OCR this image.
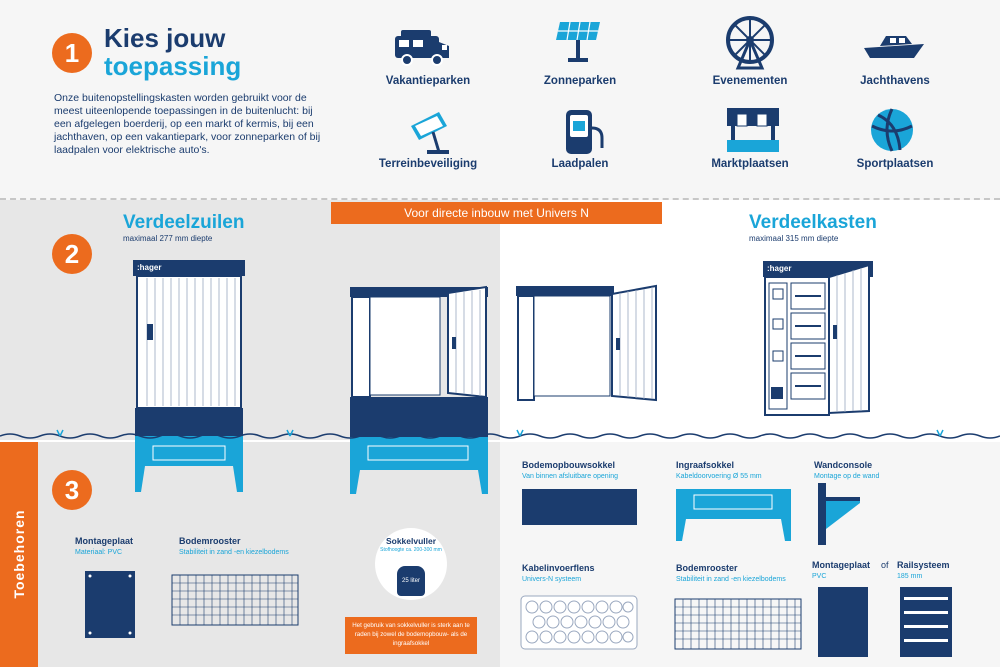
1 Kies jouw
toepassing
Onze buitenopstellingskasten worden gebruikt voor de meest uiteenlopende toepassingen in de buitenlucht: bij een afgelegen boerderij, op een markt of kermis, bij een jachthaven, op een vakantiepark, voor zonneparken of bij laadpalen voor elektrische auto's.
Vakantieparken	Zonneparken	Evenementen	Jachthavens
Terreinbeveiliging	Laadpalen	Marktplaatsen	Sportplaatsen
Voor directe inbouw met Univers N
2
Verdeelzuilen
maximaal 277 mm diepte
Verdeelkasten
maximaal 315 mm diepte
:hager	:hager
Toebehoren
3
Montageplaat
Materiaal: PVC
Bodemrooster
Stabiliteit in zand -en kiezelbodems
Sokkelvuller
Stofhoogte ca. 200-300 mm
25 liter
Het gebruik van sokkelvuller is sterk aan te raden bij zowel de bodemopbouw- als de ingraafsokkel
Bodemopbouwsokkel
Van binnen afsluitbare opening
Ingraafsokkel
Kabeldoorvoering Ø 55 mm
Wandconsole
Montage op de wand
Kabelinvoerflens
Univers-N systeem
Bodemrooster
Stabiliteit in zand -en kiezelbodems
Montageplaat of
PVC
Railsysteem
185 mm
